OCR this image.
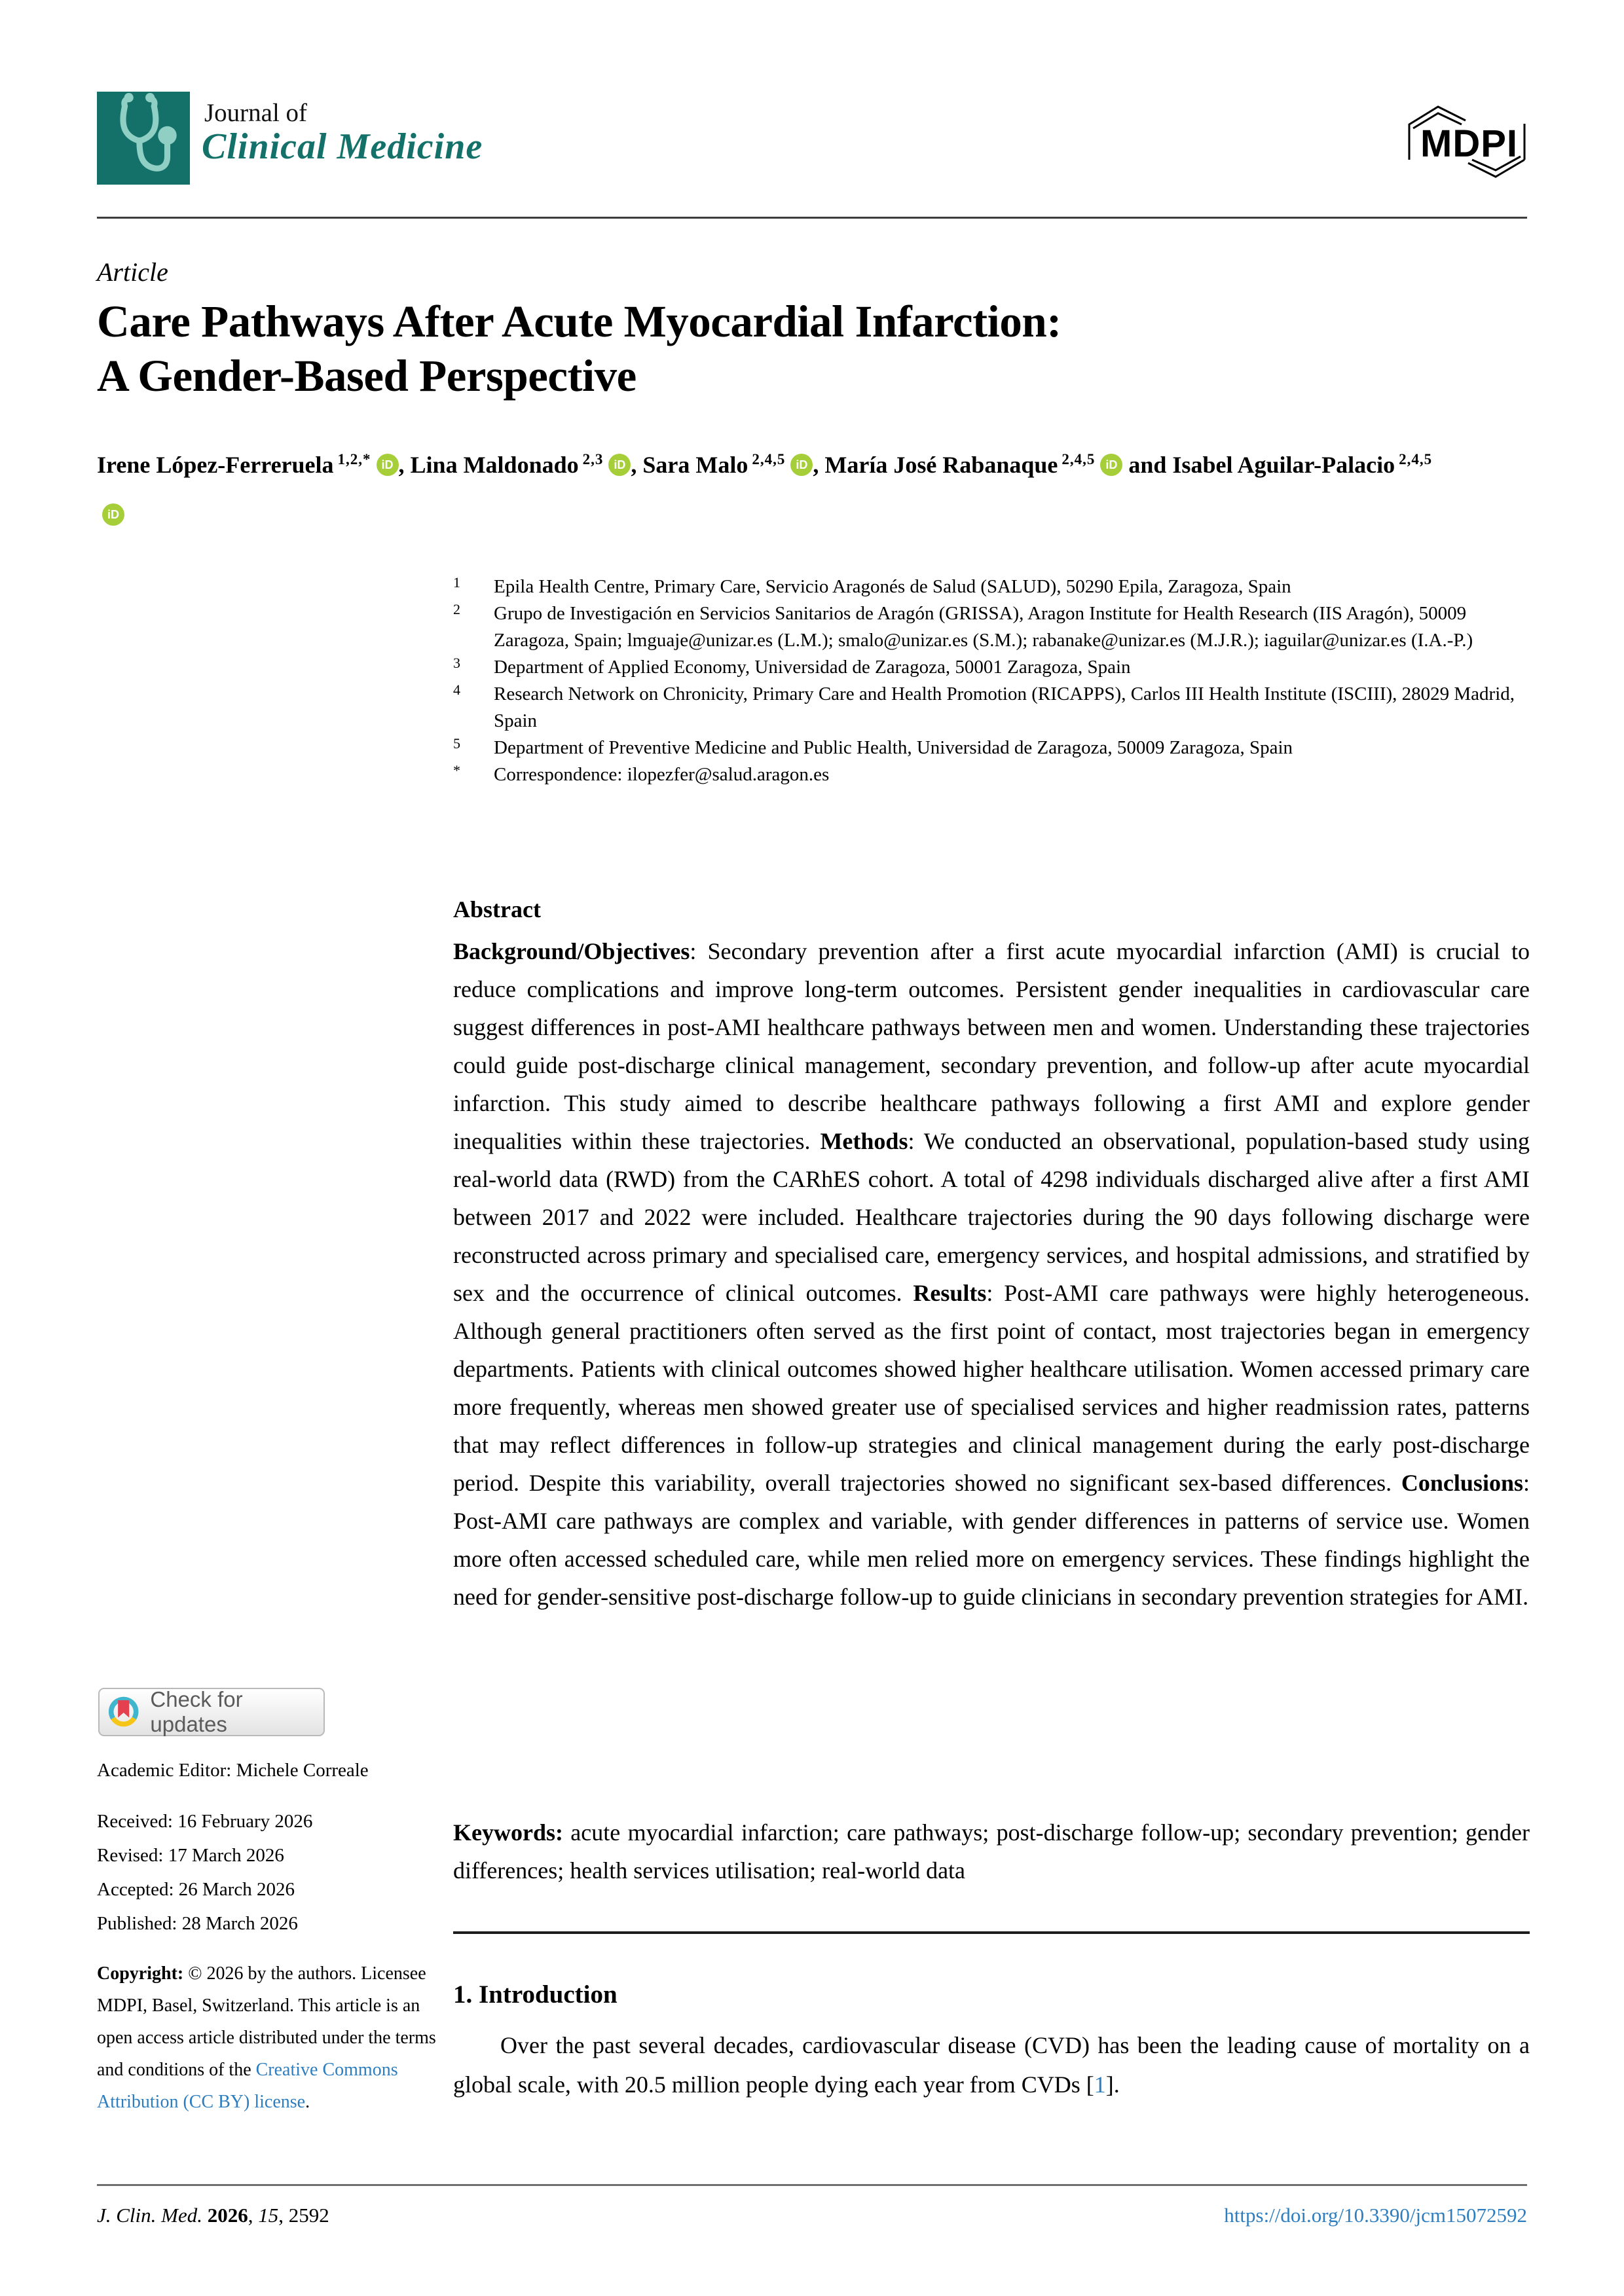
Journal of
Clinical Medicine	MDPI
Article
Care Pathways After Acute Myocardial Infarction:
A Gender-Based Perspective
Irene López-Ferreruela $^{1,2,*}$ iD , Lina Maldonado $^{2,3}$ iD , Sara Malo $^{2,4,5}$ iD , María José Rabanaque $^{2,4,5}$ iD and Isabel Aguilar-Palacio $^{2,4,5}$iD
1	Epila Health Centre, Primary Care, Servicio Aragonés de Salud (SALUD), 50290 Epila, Zaragoza, Spain
2	Grupo de Investigación en Servicios Sanitarios de Aragón (GRISSA), Aragon Institute for Health Research (IIS Aragón), 50009 Zaragoza, Spain; lmguaje@unizar.es (L.M.); smalo@unizar.es (S.M.); rabanake@unizar.es (M.J.R.); iaguilar@unizar.es (I.A.-P.)
3	Department of Applied Economy, Universidad de Zaragoza, 50001 Zaragoza, Spain
4	Research Network on Chronicity, Primary Care and Health Promotion (RICAPPS), Carlos III Health Institute (ISCIII), 28029 Madrid, Spain
5	Department of Preventive Medicine and Public Health, Universidad de Zaragoza, 50009 Zaragoza, Spain
*	Correspondence: ilopezfer@salud.aragon.es
Abstract
Background/Objectives: Secondary prevention after a first acute myocardial infarction (AMI) is crucial to reduce complications and improve long-term outcomes. Persistent gender inequalities in cardiovascular care suggest differences in post-AMI healthcare pathways between men and women. Understanding these trajectories could guide post-discharge clinical management, secondary prevention, and follow-up after acute myocardial infarction. This study aimed to describe healthcare pathways following a first AMI and explore gender inequalities within these trajectories. Methods: We conducted an observational, population-based study using real-world data (RWD) from the CARhES cohort. A total of 4298 individuals discharged alive after a first AMI between 2017 and 2022 were included. Healthcare trajectories during the 90 days following discharge were reconstructed across primary and specialised care, emergency services, and hospital admissions, and stratified by sex and the occurrence of clinical outcomes. Results: Post-AMI care pathways were highly heterogeneous. Although general practitioners often served as the first point of contact, most trajectories began in emergency departments. Patients with clinical outcomes showed higher healthcare utilisation. Women accessed primary care more frequently, whereas men showed greater use of specialised services and higher readmission rates, patterns that may reflect differences in follow-up strategies and clinical management during the early post-discharge period. Despite this variability, overall trajectories showed no significant sex-based differences. Conclusions: Post-AMI care pathways are complex and variable, with gender differences in patterns of service use. Women more often accessed scheduled care, while men relied more on emergency services. These findings highlight the need for gender-sensitive post-discharge follow-up to guide clinicians in secondary prevention strategies for AMI.
Keywords: acute myocardial infarction; care pathways; post-discharge follow-up; secondary prevention; gender differences; health services utilisation; real-world data
1. Introduction
Over the past several decades, cardiovascular disease (CVD) has been the leading cause of mortality on a global scale, with 20.5 million people dying each year from CVDs [1].
Check for updates
Academic Editor: Michele Correale
Received: 16 February 2026
Revised: 17 March 2026
Accepted: 26 March 2026
Published: 28 March 2026
Copyright: © 2026 by the authors. Licensee MDPI, Basel, Switzerland. This article is an open access article distributed under the terms and conditions of the Creative Commons Attribution (CC BY) license.
J. Clin. Med. 2026, 15, 2592	https://doi.org/10.3390/jcm15072592
